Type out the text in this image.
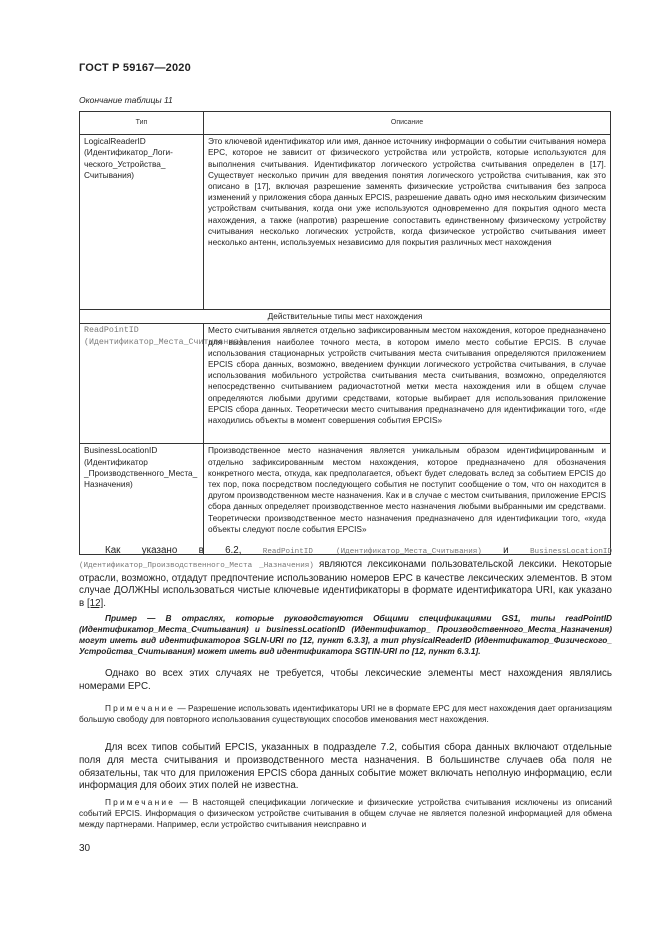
ГОСТ Р 59167—2020
Окончание таблицы 11
Тип	Описание
LogicalReaderID (Идентификатор_Логи-ческого_Устройства_ Считывания)	Это ключевой идентификатор или имя, данное источнику информации о событии считывания номера EPC, которое не зависит от физического устройства или устройств, которые используются для выполнения считывания. Идентификатор логического устройства считывания определен в [17]. Существует несколько причин для введения понятия логического устройства считывания, как это описано в [17], включая разрешение заменять физические устройства считывания без запроса изменений у приложения сбора данных EPCIS, разрешение давать одно имя нескольким физическим устройствам считывания, когда они уже используются одновременно для покрытия одного места нахождения, а также (напротив) разрешение сопоставить единственному физическому устройству считывания несколько логических устройств, когда физическое устройство считывания имеет несколько антенн, используемых независимо для покрытия различных мест нахождения
Действительные типы мест нахождения	
ReadPointID (Идентификатор_Места_Считывания)	Место считывания является отдельно зафиксированным местом нахождения, которое предназначено для выявления наиболее точного места, в котором имело место событие EPCIS. В случае использования стационарных устройств считывания места считывания определяются приложением EPCIS сбора данных, возможно, введением функции логического устройства считывания, в случае использования мобильного устройства считывания места считывания, возможно, определяются непосредственно считыванием радиочастотной метки места нахождения или в общем случае определяются любыми другими средствами, которые выбирает для использования приложение EPCIS сбора данных. Теоретически место считывания предназначено для идентификации того, «где находились объекты в момент совершения события EPCIS»
BusinessLocationID (Идентификатор _Производственного_Места_ Назначения)	Производственное место назначения является уникальным образом идентифицированным и отдельно зафиксированным местом нахождения, которое предназначено для обозначения конкретного места, откуда, как предполагается, объект будет следовать вслед за событием EPCIS до тех пор, пока посредством последующего события не поступит сообщение о том, что он находится в другом производственном месте назначения. Как и в случае с местом считывания, приложение EPCIS сбора данных определяет производственное место назначения любыми выбранными им средствами. Теоретически производственное место назначения предназначено для идентификации того, «куда объекты следуют после события EPCIS»
Как указано в 6.2, ReadPointID (Идентификатор_Места_Считывания) и BusinessLocationID (Идентификатор_Производственного_Места _Назначения) являются лексиконами пользовательской лексики. Некоторые отрасли, возможно, отдадут предпочтение использованию номеров EPC в качестве лексических элементов. В этом случае ДОЛЖНЫ использоваться чистые ключевые идентификаторы в формате идентификатора URI, как указано в [12].
Пример — В отраслях, которые руководствуются Общими спецификациями GS1, типы readPointID (Идентификатор_Места_Считывания) и businessLocationID (Идентификатор_ Производственного_Места_Назначения) могут иметь вид идентификаторов SGLN-URI по [12, пункт 6.3.3], а тип physicalReaderID (Идентификатор_Физического_ Устройства_Считывания) может иметь вид идентификатора SGTIN-URI по [12, пункт 6.3.1].
Однако во всех этих случаях не требуется, чтобы лексические элементы мест нахождения являлись номерами EPC.
Примечание — Разрешение использовать идентификаторы URI не в формате EPC для мест нахождения дает организациям большую свободу для повторного использования существующих способов именования мест нахождения.
Для всех типов событий EPCIS, указанных в подразделе 7.2, события сбора данных включают отдельные поля для места считывания и производственного места назначения. В большинстве случаев оба поля не обязательны, так что для приложения EPCIS сбора данных событие может включать неполную информацию, если информация для обоих этих полей не известна.
Примечание — В настоящей спецификации логические и физические устройства считывания исключены из описаний событий EPCIS. Информация о физическом устройстве считывания в общем случае не является полезной информацией для обмена между партнерами. Например, если устройство считывания неисправно и
30
